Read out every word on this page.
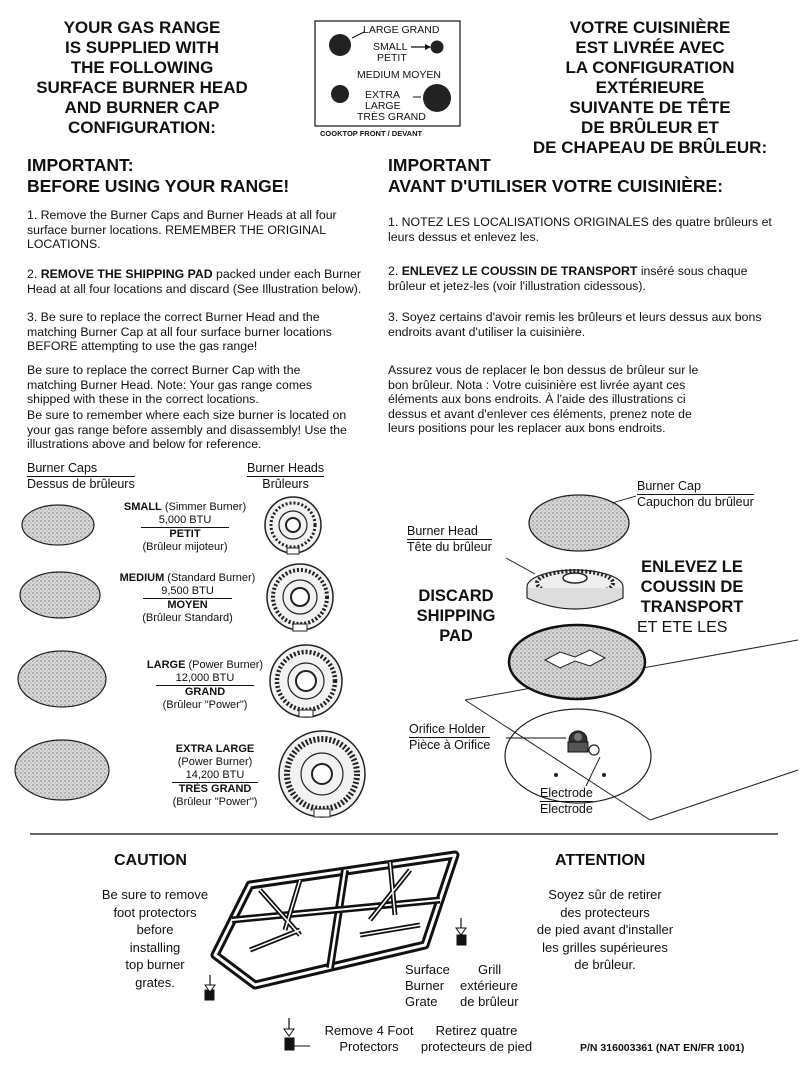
YOUR GAS RANGE
IS SUPPLIED WITH
THE FOLLOWING
SURFACE BURNER HEAD
AND BURNER CAP
CONFIGURATION:
VOTRE CUISINIÈRE
EST LIVRÉE AVEC
LA CONFIGURATION
EXTÉRIEURE
SUIVANTE DE TÊTE
DE BRÛLEUR ET
DE CHAPEAU DE BRÛLEUR:
LARGE GRAND
SMALL
PETIT
MEDIUM MOYEN
EXTRA
LARGE
TRÈS GRAND
COOKTOP FRONT / DEVANT
IMPORTANT:
BEFORE USING YOUR RANGE!
IMPORTANT
AVANT D'UTILISER VOTRE CUISINIÈRE:
1. Remove the Burner Caps and Burner Heads at all four surface burner locations. REMEMBER THE ORIGINAL LOCATIONS.
2. REMOVE THE SHIPPING PAD packed under each Burner Head at all four locations and discard (See Illustration below).
3. Be sure to replace the correct Burner Head and the matching Burner Cap at all four surface burner locations BEFORE attempting to use the gas range!
Be sure to replace the correct Burner Cap with the matching Burner Head. Note: Your gas range comes shipped with these in the correct locations.
Be sure to remember where each size burner is located on your gas range before assembly and disassembly! Use the illustrations above and below for reference.
1. NOTEZ LES LOCALISATIONS ORIGINALES des quatre brûleurs et leurs dessus et enlevez les.
2. ENLEVEZ LE COUSSIN DE TRANSPORT inséré sous chaque brûleur et jetez-les (voir l'illustration cidessous).
3. Soyez certains d'avoir remis les brûleurs et leurs dessus aux bons endroits avant d'utiliser la cuisinière.
Assurez vous de replacer le bon dessus de brûleur sur le bon brûleur. Nota : Votre cuisinière est livrée ayant ces éléments aux bons endroits. À l'aide des illustrations ci dessus et avant d'enlever ces éléments, prenez note de leurs positions pour les replacer aux bons endroits.
Burner Caps
Dessus de brûleurs
Burner Heads
Brûleurs
SMALL (Simmer Burner)
5,000 BTU
PETIT
(Brûleur mijoteur)
MEDIUM (Standard Burner)
9,500 BTU
MOYEN
(Brûleur Standard)
LARGE (Power Burner)
12,000 BTU
GRAND
(Brûleur "Power")
EXTRA LARGE
(Power Burner)
14,200 BTU
TRÈS GRAND
(Brûleur "Power")
Burner Cap
Capuchon du brûleur
Burner Head
Tête du brûleur
DISCARD
SHIPPING
PAD
ENLEVEZ LE
COUSSIN DE
TRANSPORT
ET ETE LES
Orifice Holder
Pièce à Orifice
Electrode
Electrode
CAUTION
Be sure to remove
foot protectors
before
installing
top burner
grates.
ATTENTION
Soyez sûr de retirer
des protecteurs
de pied avant d'installer
les grilles supérieures
de brûleur.
Surface
Burner
Grate
Grill
extérieure
de brûleur
Remove 4 Foot
Protectors
Retirez quatre
protecteurs de pied	P/N 316003361 (NAT EN/FR 1001)
